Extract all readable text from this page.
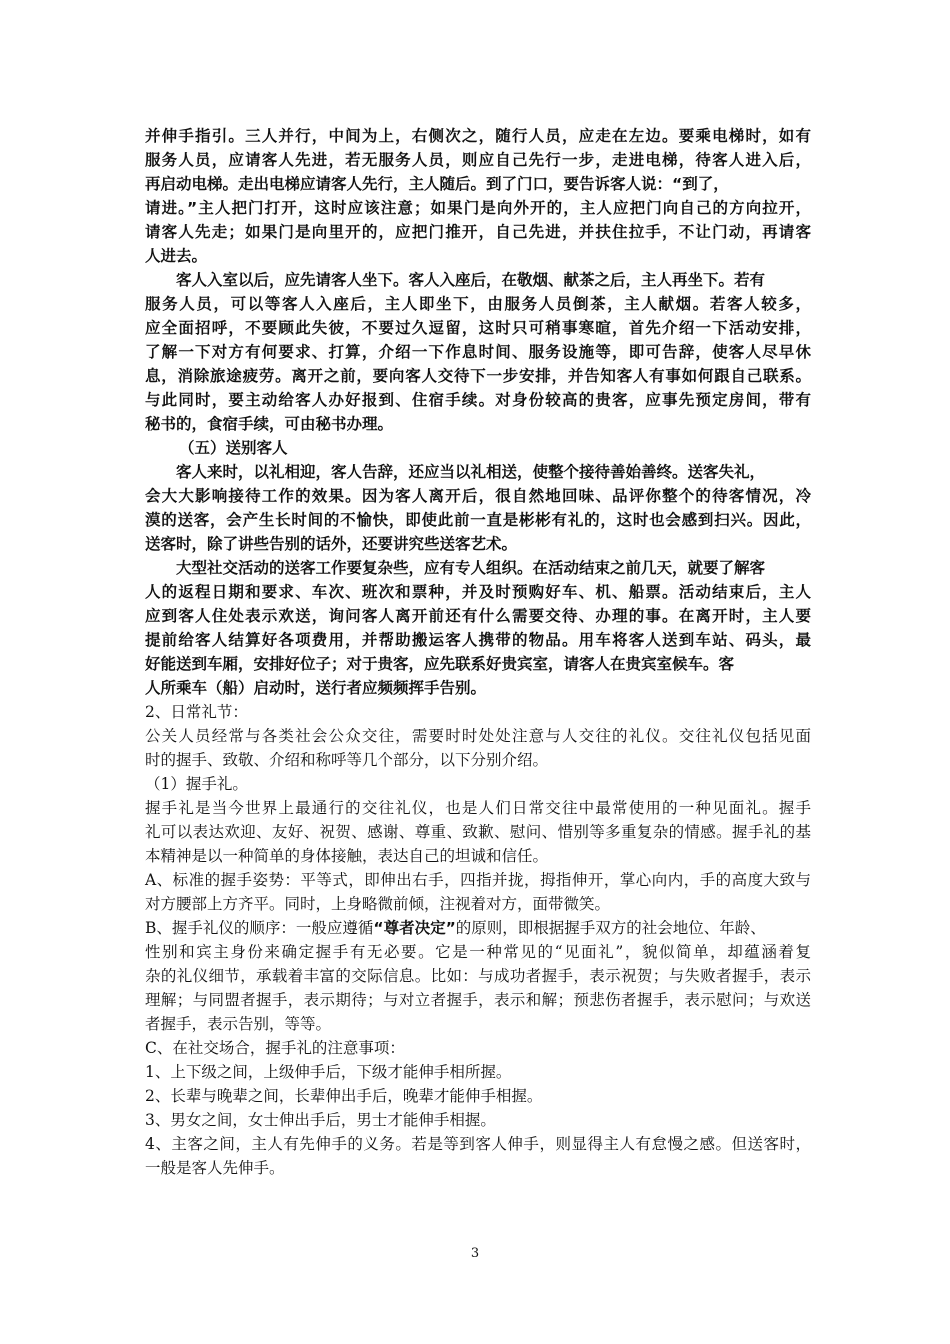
并伸手指引。三人并行，中间为上，右侧次之，随行人员，应走在左边。要乘电梯时，如有
服务人员，应请客人先进，若无服务人员，则应自己先行一步，走进电梯，待客人进入后，
再启动电梯。走出电梯应请客人先行，主人随后。到了门口，要告诉客人说：“到了，
请进。”主人把门打开，这时应该注意；如果门是向外开的，主人应把门向自己的方向拉开，
请客人先走；如果门是向里开的，应把门推开，自己先进，并扶住拉手，不让门动，再请客
人进去。
客人入室以后，应先请客人坐下。客人入座后，在敬烟、献茶之后，主人再坐下。若有
服务人员，可以等客人入座后，主人即坐下，由服务人员倒茶，主人献烟。若客人较多，
应全面招呼，不要顾此失彼，不要过久逗留，这时只可稍事寒暄，首先介绍一下活动安排，
了解一下对方有何要求、打算，介绍一下作息时间、服务设施等，即可告辞，使客人尽早休
息，消除旅途疲劳。离开之前，要向客人交待下一步安排，并告知客人有事如何跟自己联系。
与此同时，要主动给客人办好报到、住宿手续。对身份较高的贵客，应事先预定房间，带有
秘书的，食宿手续，可由秘书办理。
（五）送别客人
客人来时，以礼相迎，客人告辞，还应当以礼相送，使整个接待善始善终。送客失礼，
会大大影响接待工作的效果。因为客人离开后，很自然地回味、品评你整个的待客情况，冷
漠的送客，会产生长时间的不愉快，即使此前一直是彬彬有礼的，这时也会感到扫兴。因此，
送客时，除了讲些告别的话外，还要讲究些送客艺术。
大型社交活动的送客工作要复杂些，应有专人组织。在活动结束之前几天，就要了解客
人的返程日期和要求、车次、班次和票种，并及时预购好车、机、船票。活动结束后，主人
应到客人住处表示欢送，询问客人离开前还有什么需要交待、办理的事。在离开时，主人要
提前给客人结算好各项费用，并帮助搬运客人携带的物品。用车将客人送到车站、码头，最
好能送到车厢，安排好位子；对于贵客，应先联系好贵宾室，请客人在贵宾室候车。客
人所乘车（船）启动时，送行者应频频挥手告别。
2、日常礼节：
公关人员经常与各类社会公众交往，需要时时处处注意与人交往的礼仪。交往礼仪包括见面
时的握手、致敬、介绍和称呼等几个部分，以下分别介绍。
（1）握手礼。
握手礼是当今世界上最通行的交往礼仪，也是人们日常交往中最常使用的一种见面礼。握手
礼可以表达欢迎、友好、祝贺、感谢、尊重、致歉、慰问、惜别等多重复杂的情感。握手礼的基
本精神是以一种简单的身体接触，表达自己的坦诚和信任。
A、标准的握手姿势：平等式，即伸出右手，四指并拢，拇指伸开，掌心向内，手的高度大致与
对方腰部上方齐平。同时，上身略微前倾，注视着对方，面带微笑。
B、握手礼仪的顺序：一般应遵循“尊者决定”的原则，即根据握手双方的社会地位、年龄、
性别和宾主身份来确定握手有无必要。它是一种常见的“见面礼”，貌似简单，却蕴涵着复
杂的礼仪细节，承载着丰富的交际信息。比如：与成功者握手，表示祝贺；与失败者握手，表示
理解；与同盟者握手，表示期待；与对立者握手，表示和解；预悲伤者握手，表示慰问；与欢送
者握手，表示告别，等等。
C、在社交场合，握手礼的注意事项：
1、上下级之间，上级伸手后，下级才能伸手相所握。
2、长辈与晚辈之间，长辈伸出手后，晚辈才能伸手相握。
3、男女之间，女士伸出手后，男士才能伸手相握。
4、主客之间，主人有先伸手的义务。若是等到客人伸手，则显得主人有怠慢之感。但送客时，
一般是客人先伸手。
3
